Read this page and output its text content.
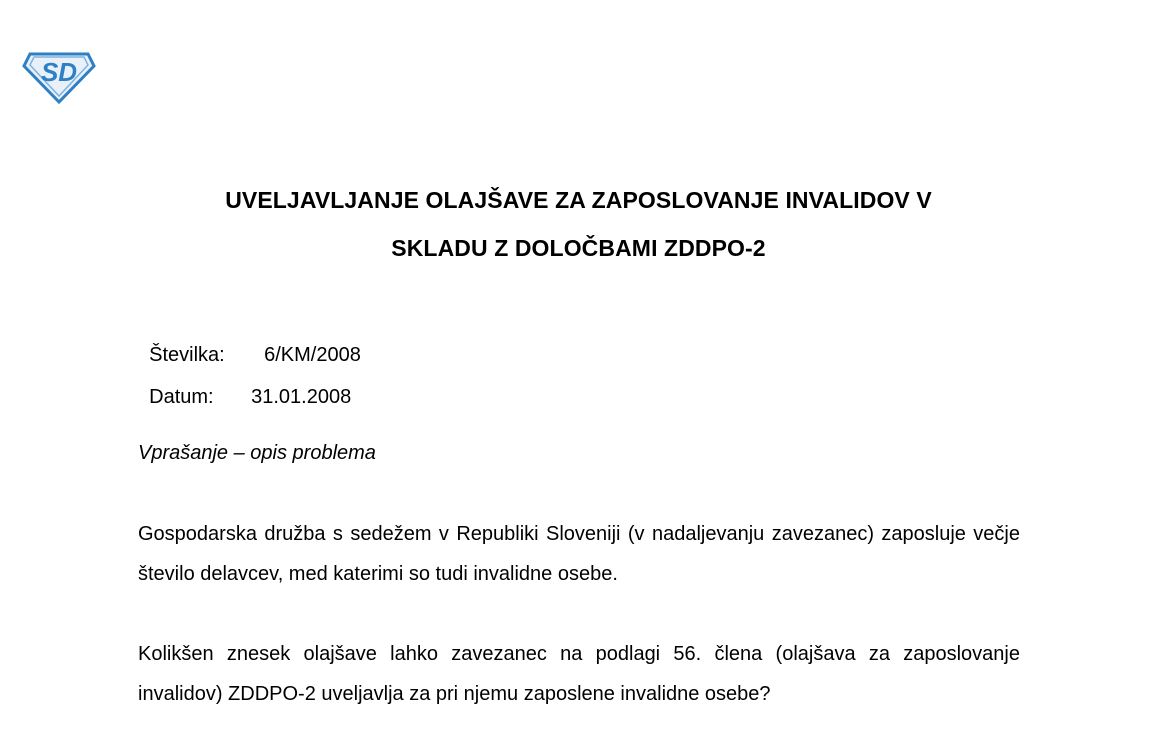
SD
UVELJAVLJANJE OLAJŠAVE ZA ZAPOSLOVANJE INVALIDOV V
SKLADU Z DOLOČBAMI ZDDPO-2

Številka: 6/KM/2008

Datum: 31.01.2008

Vprašanje – opis problema
Gospodarska družba s sedežem v Republiki Sloveniji (v nadaljevanju zavezanec) zaposluje večje število delavcev, med katerimi so tudi invalidne osebe.
Kolikšen znesek olajšave lahko zavezanec na podlagi 56. člena (olajšava za zaposlovanje invalidov) ZDDPO-2 uveljavlja za pri njemu zaposlene invalidne osebe?
